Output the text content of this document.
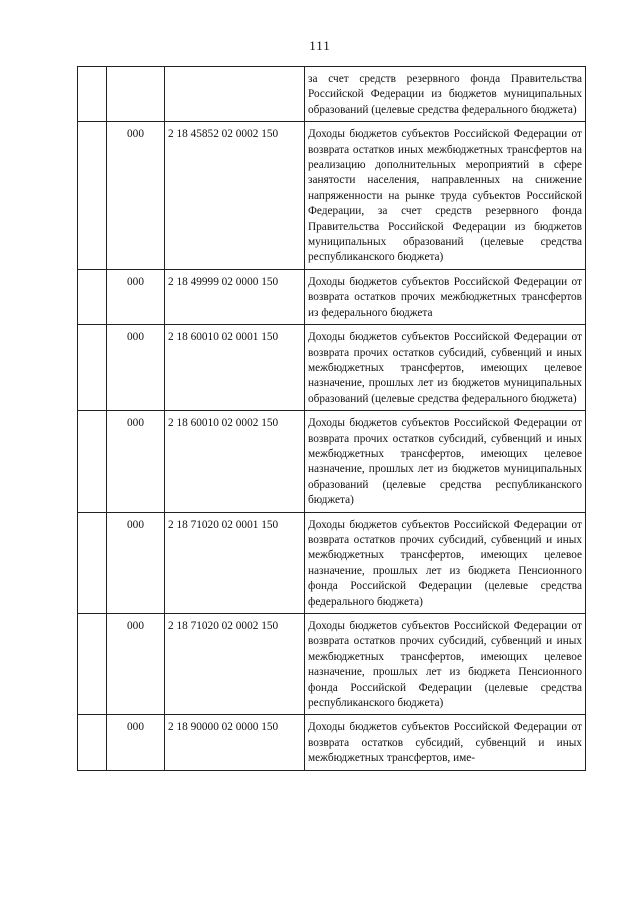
111
			за счет средств резервного фонда Правительства Российской Федерации из бюджетов муниципальных образований (целевые средства федерального бюджета)
	000	2 18 45852 02 0002 150	Доходы бюджетов субъектов Российской Федерации от возврата остатков иных межбюджетных трансфертов на реализацию дополнительных мероприятий в сфере занятости населения, направленных на снижение напряженности на рынке труда субъектов Российской Федерации, за счет средств резервного фонда Правительства Российской Федерации из бюджетов муниципальных образований (целевые средства республиканского бюджета)
	000	2 18 49999 02 0000 150	Доходы бюджетов субъектов Российской Федерации от возврата остатков прочих межбюджетных трансфертов из федерального бюджета
	000	2 18 60010 02 0001 150	Доходы бюджетов субъектов Российской Федерации от возврата прочих остатков субсидий, субвенций и иных межбюджетных трансфертов, имеющих целевое назначение, прошлых лет из бюджетов муниципальных образований (целевые средства федерального бюджета)
	000	2 18 60010 02 0002 150	Доходы бюджетов субъектов Российской Федерации от возврата прочих остатков субсидий, субвенций и иных межбюджетных трансфертов, имеющих целевое назначение, прошлых лет из бюджетов муниципальных образований (целевые средства республиканского бюджета)
	000	2 18 71020 02 0001 150	Доходы бюджетов субъектов Российской Федерации от возврата остатков прочих субсидий, субвенций и иных межбюджетных трансфертов, имеющих целевое назначение, прошлых лет из бюджета Пенсионного фонда Российской Федерации (целевые средства федерального бюджета)
	000	2 18 71020 02 0002 150	Доходы бюджетов субъектов Российской Федерации от возврата остатков прочих субсидий, субвенций и иных межбюджетных трансфертов, имеющих целевое назначение, прошлых лет из бюджета Пенсионного фонда Российской Федерации (целевые средства республиканского бюджета)
	000	2 18 90000 02 0000 150	Доходы бюджетов субъектов Российской Федерации от возврата остатков субсидий, субвенций и иных межбюджетных трансфертов, име-
